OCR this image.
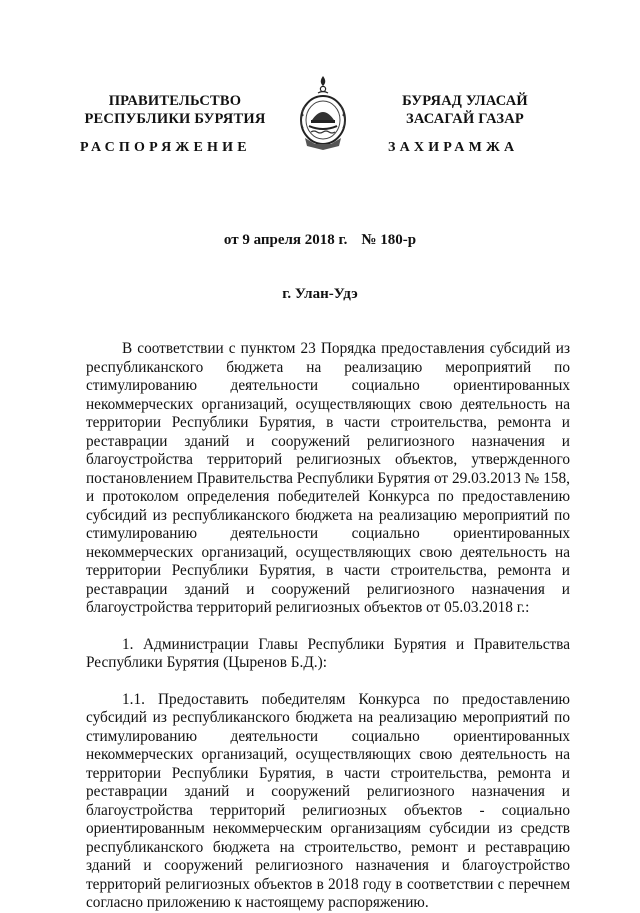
ПРАВИТЕЛЬСТВО
РЕСПУБЛИКИ БУРЯТИЯ
БУРЯАД УЛАСАЙ
ЗАСАГАЙ ГАЗАР
РАСПОРЯЖЕНИЕ	ЗАХИРАМЖА
от 9 апреля 2018 г. № 180-р
г. Улан-Удэ

В соответствии с пунктом 23 Порядка предоставления субсидий из республиканского бюджета на реализацию мероприятий по стимулированию деятельности социально ориентированных некоммерческих организаций, осуществляющих свою деятельность на территории Республики Бурятия, в части строительства, ремонта и реставрации зданий и сооружений религиозного назначения и благоустройства территорий религиозных объектов, утвержденного постановлением Правительства Республики Бурятия от 29.03.2013 № 158, и протоколом определения победителей Конкурса по предоставлению субсидий из республиканского бюджета на реализацию мероприятий по стимулированию деятельности социально ориентированных некоммерческих организаций, осуществляющих свою деятельность на территории Республики Бурятия, в части строительства, ремонта и реставрации зданий и сооружений религиозного назначения и благоустройства территорий религиозных объектов от 05.03.2018 г.:

1. Администрации Главы Республики Бурятия и Правительства Республики Бурятия (Цыренов Б.Д.):

1.1. Предоставить победителям Конкурса по предоставлению субсидий из республиканского бюджета на реализацию мероприятий по стимулированию деятельности социально ориентированных некоммерческих организаций, осуществляющих свою деятельность на территории Республики Бурятия, в части строительства, ремонта и реставрации зданий и сооружений религиозного назначения и благоустройства территорий религиозных объектов - социально ориентированным некоммерческим организациям субсидии из средств республиканского бюджета на строительство, ремонт и реставрацию зданий и сооружений религиозного назначения и благоустройство территорий религиозных объектов в 2018 году в соответствии с перечнем согласно приложению к настоящему распоряжению.
